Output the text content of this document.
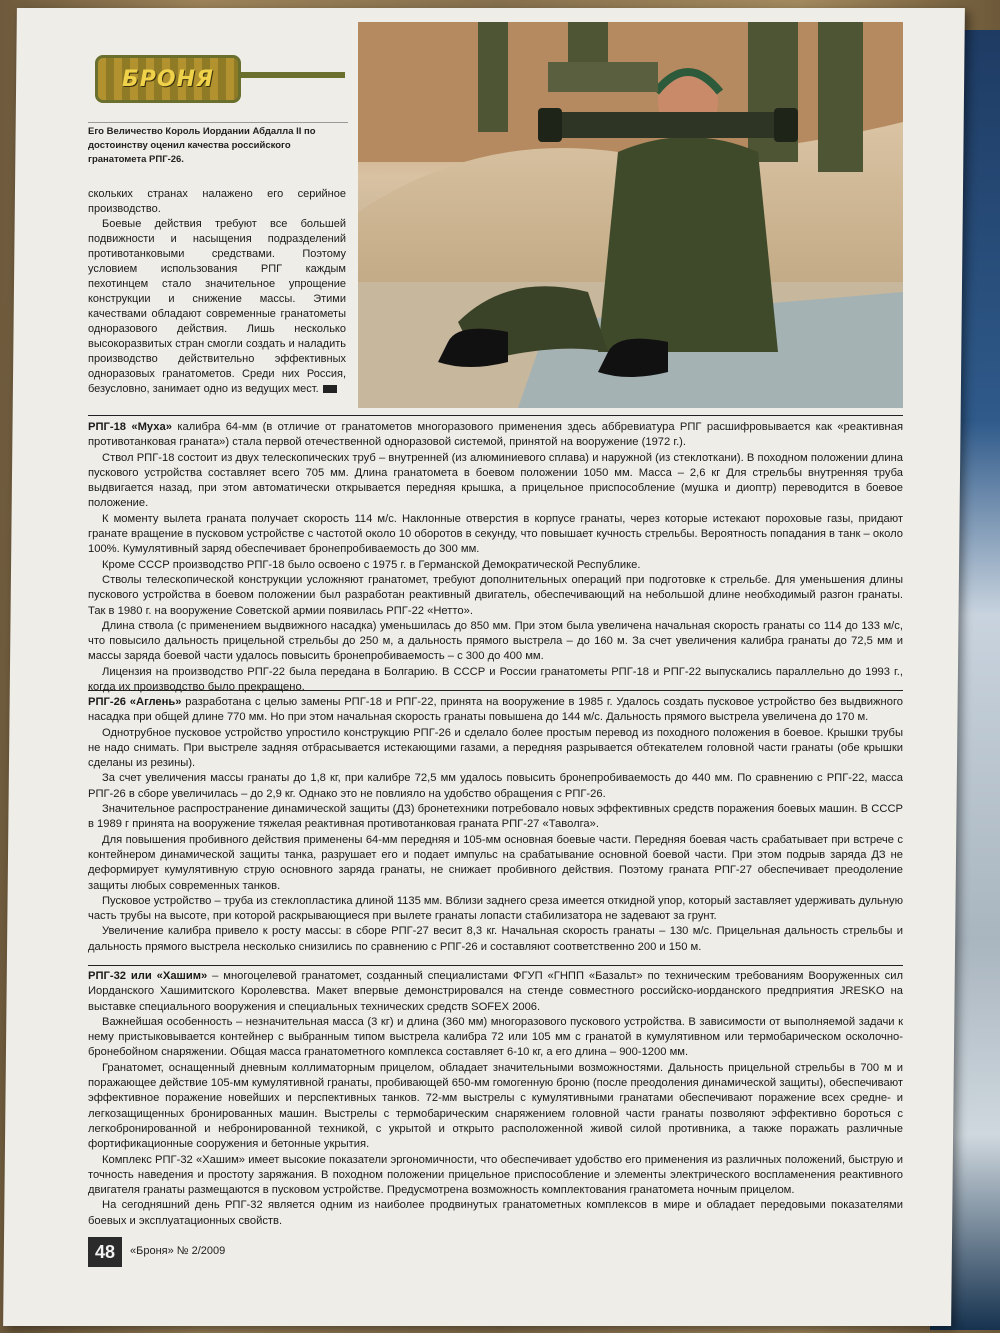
БРОНЯ
Его Величество Король Иордании Абдалла II по достоинству оценил качества российского гранатомета РПГ-26.

скольких странах налажено его серийное производство.

Боевые действия требуют все большей подвижности и насыщения подразделений противотанковыми средствами. Поэтому условием использования РПГ каждым пехотинцем стало значительное упрощение конструкции и снижение массы. Этими качествами обладают современные гранатометы одноразового действия. Лишь несколько высокоразвитых стран смогли создать и наладить производство действительно эффективных одноразовых гранатометов. Среди них Россия, безусловно, занимает одно из ведущих мест.

РПГ-18 «Муха» калибра 64-мм (в отличие от гранатометов многоразового применения здесь аббревиатура РПГ расшифровывается как «реактивная противотанковая граната») стала первой отечественной одноразовой системой, принятой на вооружение (1972 г.).

Ствол РПГ-18 состоит из двух телескопических труб – внутренней (из алюминиевого сплава) и наружной (из стеклоткани). В походном положении длина пускового устройства составляет всего 705 мм. Длина гранатомета в боевом положении 1050 мм. Масса – 2,6 кг Для стрельбы внутренняя труба выдвигается назад, при этом автоматически открывается передняя крышка, а прицельное приспособление (мушка и диоптр) переводится в боевое положение.

К моменту вылета граната получает скорость 114 м/с. Наклонные отверстия в корпусе гранаты, через которые истекают пороховые газы, придают гранате вращение в пусковом устройстве с частотой около 10 оборотов в секунду, что повышает кучность стрельбы. Вероятность попадания в танк – около 100%. Кумулятивный заряд обеспечивает бронепробиваемость до 300 мм.

Кроме СССР производство РПГ-18 было освоено с 1975 г. в Германской Демократической Республике.

Стволы телескопической конструкции усложняют гранатомет, требуют дополнительных операций при подготовке к стрельбе. Для уменьшения длины пускового устройства в боевом положении был разработан реактивный двигатель, обеспечивающий на небольшой длине необходимый разгон гранаты. Так в 1980 г. на вооружение Советской армии появилась РПГ-22 «Нетто».

Длина ствола (с применением выдвижного насадка) уменьшилась до 850 мм. При этом была увеличена начальная скорость гранаты со 114 до 133 м/с, что повысило дальность прицельной стрельбы до 250 м, а дальность прямого выстрела – до 160 м. За счет увеличения калибра гранаты до 72,5 мм и массы заряда боевой части удалось повысить бронепробиваемость – с 300 до 400 мм.

Лицензия на производство РПГ-22 была передана в Болгарию. В СССР и России гранатометы РПГ-18 и РПГ-22 выпускались параллельно до 1993 г., когда их производство было прекращено.

РПГ-26 «Аглень» разработана с целью замены РПГ-18 и РПГ-22, принята на вооружение в 1985 г. Удалось создать пусковое устройство без выдвижного насадка при общей длине 770 мм. Но при этом начальная скорость гранаты повышена до 144 м/с. Дальность прямого выстрела увеличена до 170 м.

Однотрубное пусковое устройство упростило конструкцию РПГ-26 и сделало более простым перевод из походного положения в боевое. Крышки трубы не надо снимать. При выстреле задняя отбрасывается истекающими газами, а передняя разрывается обтекателем головной части гранаты (обе крышки сделаны из резины).

За счет увеличения массы гранаты до 1,8 кг, при калибре 72,5 мм удалось повысить бронепробиваемость до 440 мм. По сравнению с РПГ-22, масса РПГ-26 в сборе увеличилась – до 2,9 кг. Однако это не повлияло на удобство обращения с РПГ-26.

Значительное распространение динамической защиты (ДЗ) бронетехники потребовало новых эффективных средств поражения боевых машин. В СССР в 1989 г принята на вооружение тяжелая реактивная противотанковая граната РПГ-27 «Таволга».

Для повышения пробивного действия применены 64-мм передняя и 105-мм основная боевые части. Передняя боевая часть срабатывает при встрече с контейнером динамической защиты танка, разрушает его и подает импульс на срабатывание основной боевой части. При этом подрыв заряда ДЗ не деформирует кумулятивную струю основного заряда гранаты, не снижает пробивного действия. Поэтому граната РПГ-27 обеспечивает преодоление защиты любых современных танков.

Пусковое устройство – труба из стеклопластика длиной 1135 мм. Вблизи заднего среза имеется откидной упор, который заставляет удерживать дульную часть трубы на высоте, при которой раскрывающиеся при вылете гранаты лопасти стабилизатора не задевают за грунт.

Увеличение калибра привело к росту массы: в сборе РПГ-27 весит 8,3 кг. Начальная скорость гранаты – 130 м/с. Прицельная дальность стрельбы и дальность прямого выстрела несколько снизились по сравнению с РПГ-26 и составляют соответственно 200 и 150 м.

РПГ-32 или «Хашим» – многоцелевой гранатомет, созданный специалистами ФГУП «ГНПП «Базальт» по техническим требованиям Вооруженных сил Иорданского Хашимитского Королевства. Макет впервые демонстрировался на стенде совместного российско-иорданского предприятия JRESKO на выставке специального вооружения и специальных технических средств SOFEX 2006.

Важнейшая особенность – незначительная масса (3 кг) и длина (360 мм) многоразового пускового устройства. В зависимости от выполняемой задачи к нему пристыковывается контейнер с выбранным типом выстрела калибра 72 или 105 мм с гранатой в кумулятивном или термобарическом осколочно-бронебойном снаряжении. Общая масса гранатометного комплекса составляет 6-10 кг, а его длина – 900-1200 мм.

Гранатомет, оснащенный дневным коллиматорным прицелом, обладает значительными возможностями. Дальность прицельной стрельбы в 700 м и поражающее действие 105-мм кумулятивной гранаты, пробивающей 650-мм гомогенную броню (после преодоления динамической защиты), обеспечивают эффективное поражение новейших и перспективных танков. 72-мм выстрелы с кумулятивными гранатами обеспечивают поражение всех средне- и легкозащищенных бронированных машин. Выстрелы с термобарическим снаряжением головной части гранаты позволяют эффективно бороться с легкобронированной и небронированной техникой, с укрытой и открыто расположенной живой силой противника, а также поражать различные фортификационные сооружения и бетонные укрытия.

Комплекс РПГ-32 «Хашим» имеет высокие показатели эргономичности, что обеспечивает удобство его применения из различных положений, быструю и точность наведения и простоту заряжания. В походном положении прицельное приспособление и элементы электрического воспламенения реактивного двигателя гранаты размещаются в пусковом устройстве. Предусмотрена возможность комплектования гранатомета ночным прицелом.

На сегодняшний день РПГ-32 является одним из наиболее продвинутых гранатометных комплексов в мире и обладает передовыми показателями боевых и эксплуатационных свойств.

48	«Броня» № 2/2009
